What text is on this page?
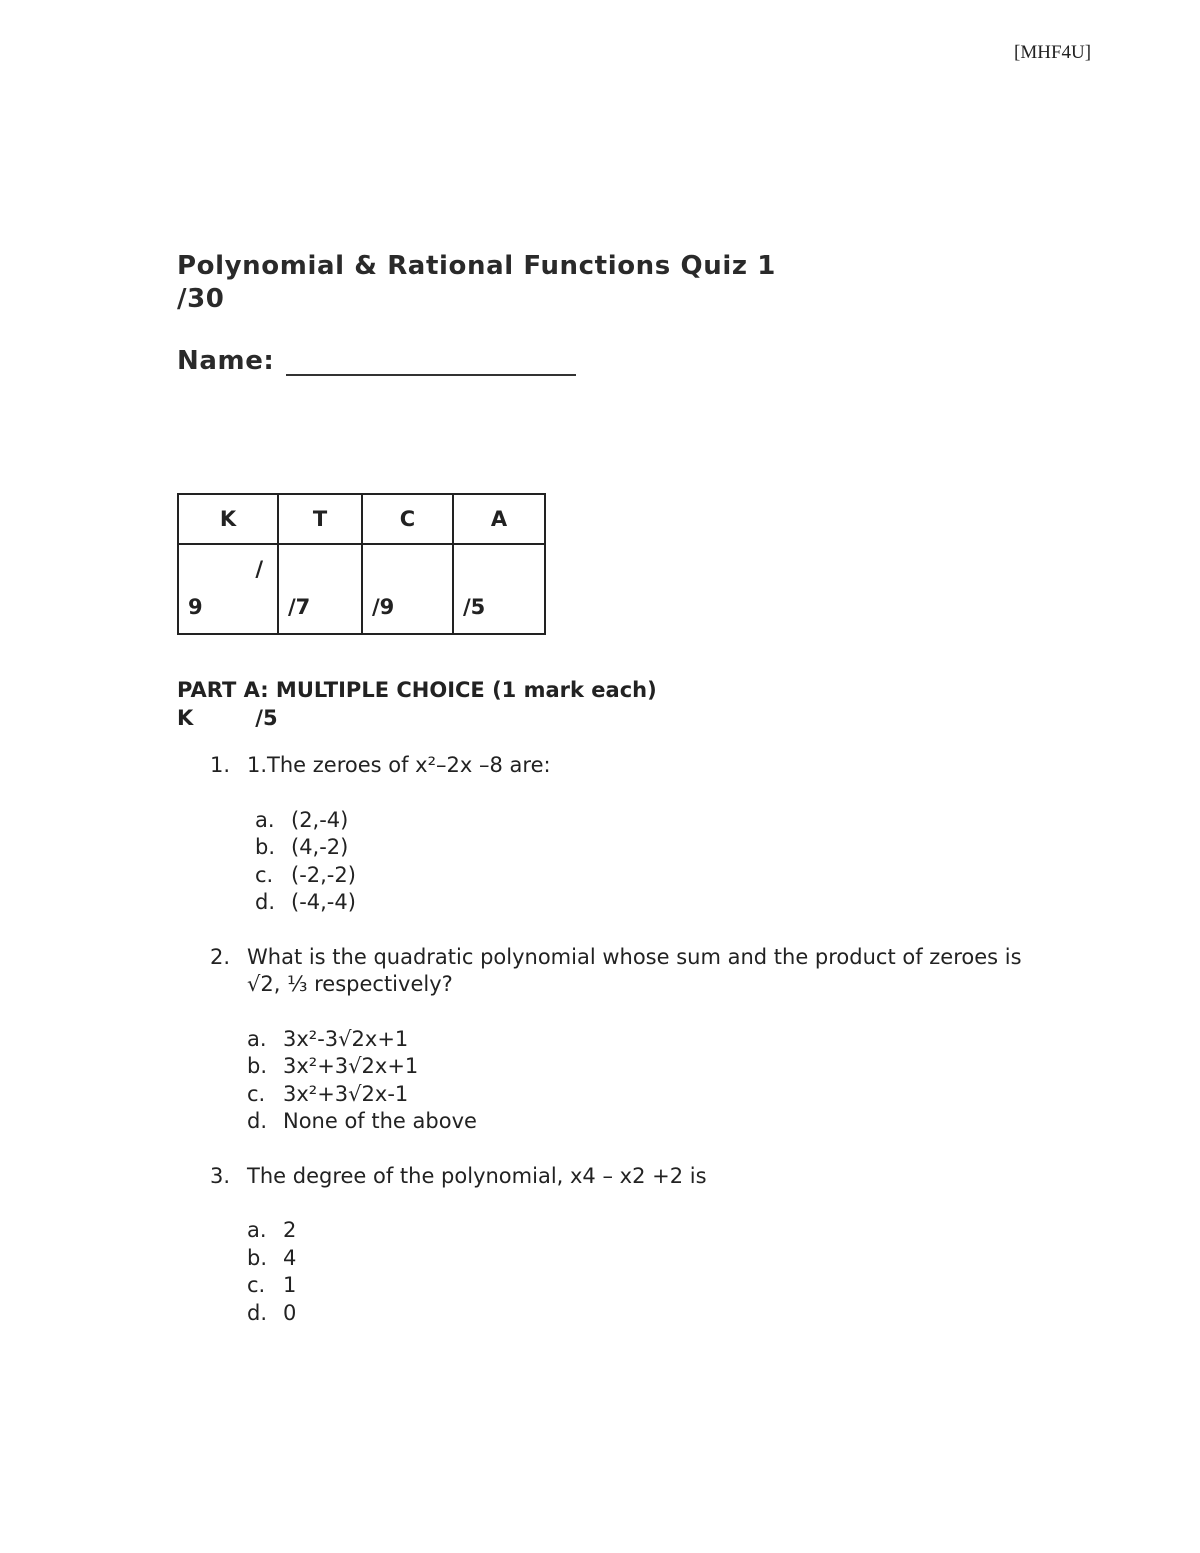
[MHF4U]
Polynomial & Rational Functions Quiz 1
/30
Name:
K	T	C	A

/
9	/7	/9	/5
PART A: MULTIPLE CHOICE (1 mark each)
K	/5
1. 1.The zeroes of x²–2x –8 are:
a. (2,-4)
b. (4,-2)
c. (-2,-2)
d. (-4,-4)
2. What is the quadratic polynomial whose sum and the product of zeroes is √2, ⅓ respectively?
a. 3x²-3√2x+1
b. 3x²+3√2x+1
c. 3x²+3√2x-1
d. None of the above
3. The degree of the polynomial, x4 – x2 +2 is
a. 2
b. 4
c. 1
d. 0
